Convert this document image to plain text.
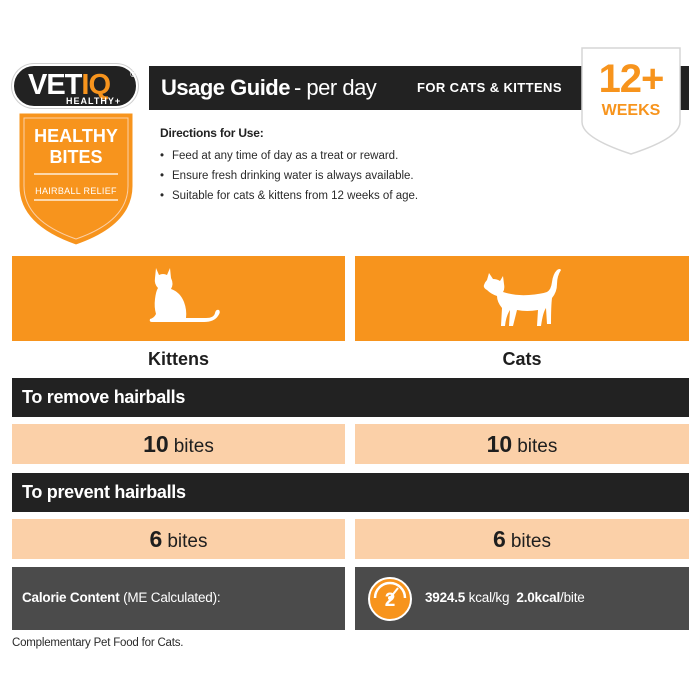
VETIQ ®
HEALTHY+
HEALTHY
BITES
HAIRBALL RELIEF
Usage Guide - per day	FOR CATS & KITTENS 12+
WEEKS
Directions for Use:
• Feed at any time of day as a treat or reward.
• Ensure fresh drinking water is always available.
• Suitable for cats & kittens from 12 weeks of age.
Kittens	Cats
To remove hairballs
10 bites	10 bites
To prevent hairballs
6 bites	6 bites
Calorie Content (ME Calculated):	2	3924.5 kcal/kg 2.0kcal/bite
Complementary Pet Food for Cats.
